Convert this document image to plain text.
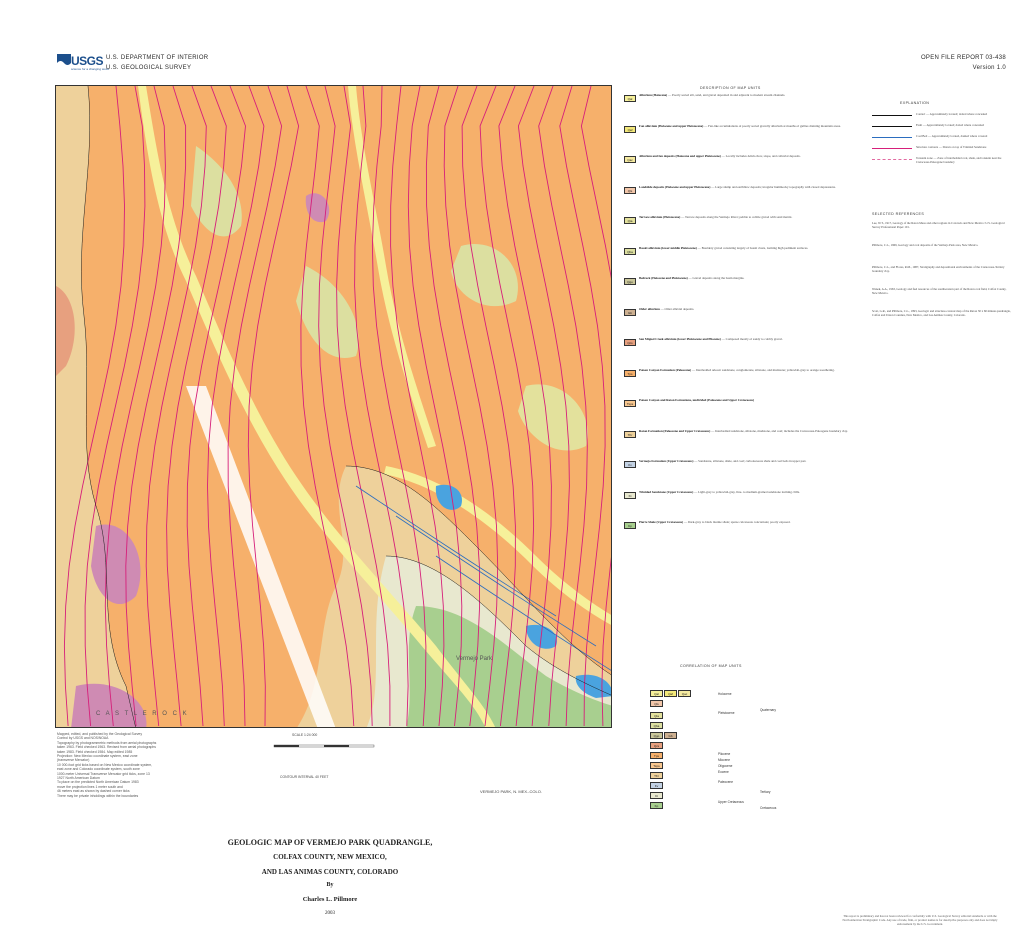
USGS
science for a changing world
U.S. DEPARTMENT OF INTERIOR
U.S. GEOLOGICAL SURVEY
OPEN FILE REPORT 03-438
Version 1.0
Vermejo Park
C A S T L E R O C K
Mapped, edited, and published by the Geological Survey
Control by USGS and NOS/NOAA
Topography by photogrammetric methods from aerial photographs
taken 1963. Field checked 1963. Revised from aerial photographs
taken 1983. Field checked 1984. Map edited 1985
Projection: New Mexico coordinate system, east zone
(transverse Mercator)
10 000-foot grid ticks based on New Mexico coordinate system,
east zone and Colorado coordinate system, south zone
1000-meter Universal Transverse Mercator grid ticks, zone 13
1927 North American Datum
To place on the predicted North American Datum 1983
move the projection lines 1 meter south and
46 meters east as shown by dashed corner ticks
There may be private inholdings within the boundaries
SCALE 1:24 000
CONTOUR INTERVAL 40 FEET
VERMEJO PARK, N. MEX.-COLO.
GEOLOGIC MAP OF VERMEJO PARK QUADRANGLE,
COLFAX COUNTY, NEW MEXICO,
AND LAS ANIMAS COUNTY, COLORADO
By
Charles L. Pillmore
2003
DESCRIPTION OF MAP UNITS
Qal
Alluvium (Holocene) — Poorly sorted silt, sand, and gravel deposited in and adjacent to modern stream channels.
Qaf
Fan alluvium (Holocene and upper Pleistocene) — Fan-like accumulations of poorly sorted gravelly alluvium at mouths of gullies draining mountain areas.
Qac
Alluvium and fan deposits (Holocene and upper Pleistocene) — Locally includes debris-flow, slope, and colluvial deposits.
Qls
Landslide deposits (Holocene and upper Pleistocene) — Large slump and earthflow deposits; irregular hummocky topography with closed depressions.
Qta
Terrace alluvium (Pleistocene) — Terrace deposits along the Vermejo River; pebble to cobble gravel with sand matrix.
Qba
Basalt alluvium (lower middle Pleistocene) — Bouldery gravel consisting largely of basalt clasts, forming high pediment surfaces.
Qgo
Bedrock (Holocene and Pleistocene) — Gravel deposits along the basin margins.
Gb
Older alluvium — Older alluvial deposits.
Qcs
San Miguel Creek alluvium (lower Pleistocene and Pliocene) — Composed mostly of sandy to cobbly gravel.
Tps
Poison Canyon Formation (Paleocene) — Interbedded arkosic sandstone, conglomerate, siltstone, and mudstone; yellowish-gray to orange-weathering.
Tkps
Poison Canyon and Raton Formations, undivided (Paleocene and Upper Cretaceous)
TKr
Raton Formation (Paleocene and Upper Cretaceous) — Interbedded sandstone, siltstone, mudstone, and coal; includes the Cretaceous-Paleogene boundary clay.
Kv
Vermejo Formation (Upper Cretaceous) — Sandstone, siltstone, shale, and coal; carbonaceous shale and coal beds in upper part.
Kt
Trinidad Sandstone (Upper Cretaceous) — Light-gray to yellowish-gray, fine- to medium-grained sandstone forming cliffs.
Kp
Pierre Shale (Upper Cretaceous) — Dark-gray to black marine shale; sparse calcareous concretions; poorly exposed.
EXPLANATION
Contact — Approximately located; dotted where concealed
Fault — Approximately located; dotted where concealed
Coal Bed — Approximately located, dashed where covered
Structure contours — Drawn on top of Trinidad Sandstone
Tonstein zone — Zone of interbedded coal, shale, and tonstein near the Cretaceous-Paleogene boundary
SELECTED REFERENCES
Lee, W.T., 1917, Geology of the Raton Mesa and other regions in Colorado and New Mexico: U.S. Geological Survey Professional Paper 101.
Pillmore, C.L., 1969, Geology and coal deposits of the Vermejo Park area, New Mexico.
Pillmore, C.L., and Flores, R.M., 1987, Stratigraphy and depositional environments of the Cretaceous-Tertiary boundary clay.
Wanek, A.A., 1963, Geology and fuel resources of the southwestern part of the Raton coal field, Colfax County, New Mexico.
Scott, G.R., and Pillmore, C.L., 1993, Geologic and structure-contour map of the Raton 30 x 60 minute quadrangle, Colfax and Union Counties, New Mexico, and Las Animas County, Colorado.
CORRELATION OF MAP UNITS
Qal	Qaf	Qac
Qls
Qta
Qba
Qgo	Gb
Qcs
Tps
Tkps
TKr
Kv
Kt
Kp
Holocene
Pleistocene
Quaternary
Pliocene
Miocene
Oligocene
Eocene
Paleocene
Tertiary
Upper Cretaceous
Cretaceous
This report is preliminary and has not been reviewed for conformity with U.S. Geological Survey editorial standards or with the North American Stratigraphic Code. Any use of trade, firm, or product names is for descriptive purposes only and does not imply endorsement by the U.S. Government.
